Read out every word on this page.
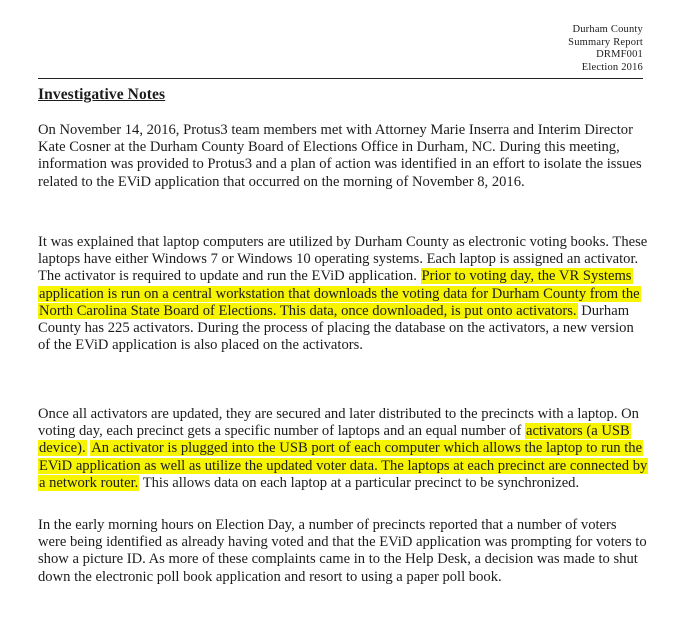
Durham County
Summary Report
DRMF001
Election 2016
Investigative Notes

On November 14, 2016, Protus3 team members met with Attorney Marie Inserra and Interim Director Kate Cosner at the Durham County Board of Elections Office in Durham, NC. During this meeting, information was provided to Protus3 and a plan of action was identified in an effort to isolate the issues related to the EViD application that occurred on the morning of November 8, 2016.

It was explained that laptop computers are utilized by Durham County as electronic voting books. These laptops have either Windows 7 or Windows 10 operating systems. Each laptop is assigned an activator. The activator is required to update and run the EViD application. Prior to voting day, the VR Systems application is run on a central workstation that downloads the voting data for Durham County from the North Carolina State Board of Elections. This data, once downloaded, is put onto activators. Durham County has 225 activators. During the process of placing the database on the activators, a new version of the EViD application is also placed on the activators.

Once all activators are updated, they are secured and later distributed to the precincts with a laptop. On voting day, each precinct gets a specific number of laptops and an equal number of activators (a USB device). An activator is plugged into the USB port of each computer which allows the laptop to run the EViD application as well as utilize the updated voter data. The laptops at each precinct are connected by a network router. This allows data on each laptop at a particular precinct to be synchronized.

In the early morning hours on Election Day, a number of precincts reported that a number of voters were being identified as already having voted and that the EViD application was prompting for voters to show a picture ID. As more of these complaints came in to the Help Desk, a decision was made to shut down the electronic poll book application and resort to using a paper poll book.
